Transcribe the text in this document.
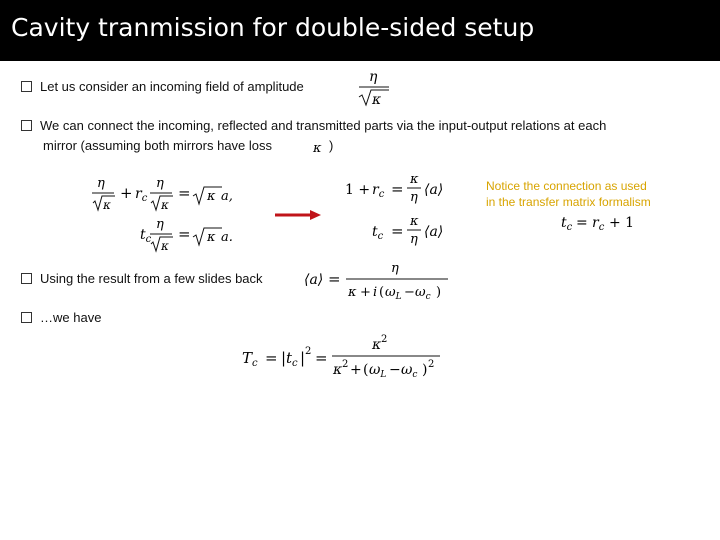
Cavity tranmission for double-sided setup
Let us consider an incoming field of amplitude
η
κ
We can connect the incoming, reflected and transmitted parts via the input-output relations at each
mirror (assuming both mirrors have loss	κ )
η
κ
+ $r_c$
η
κ
= κ a,
$t_c$
η
κ
= κ a.
$1 + r_c$ =
κ
η ⟨a⟩
$t_c$ =
κ
η ⟨a⟩
Notice the connection as used in the transfer matrix formalism
$t_c = r_c + 1$
Using the result from a few slides back	⟨a⟩ =
η
κ + i ( $\omega_L - \omega_c$ )
…we have
$T_c$ = | $t_c$ | 2 =
κ 2
κ 2 + ( $\omega_L - \omega_c$ ) 2
